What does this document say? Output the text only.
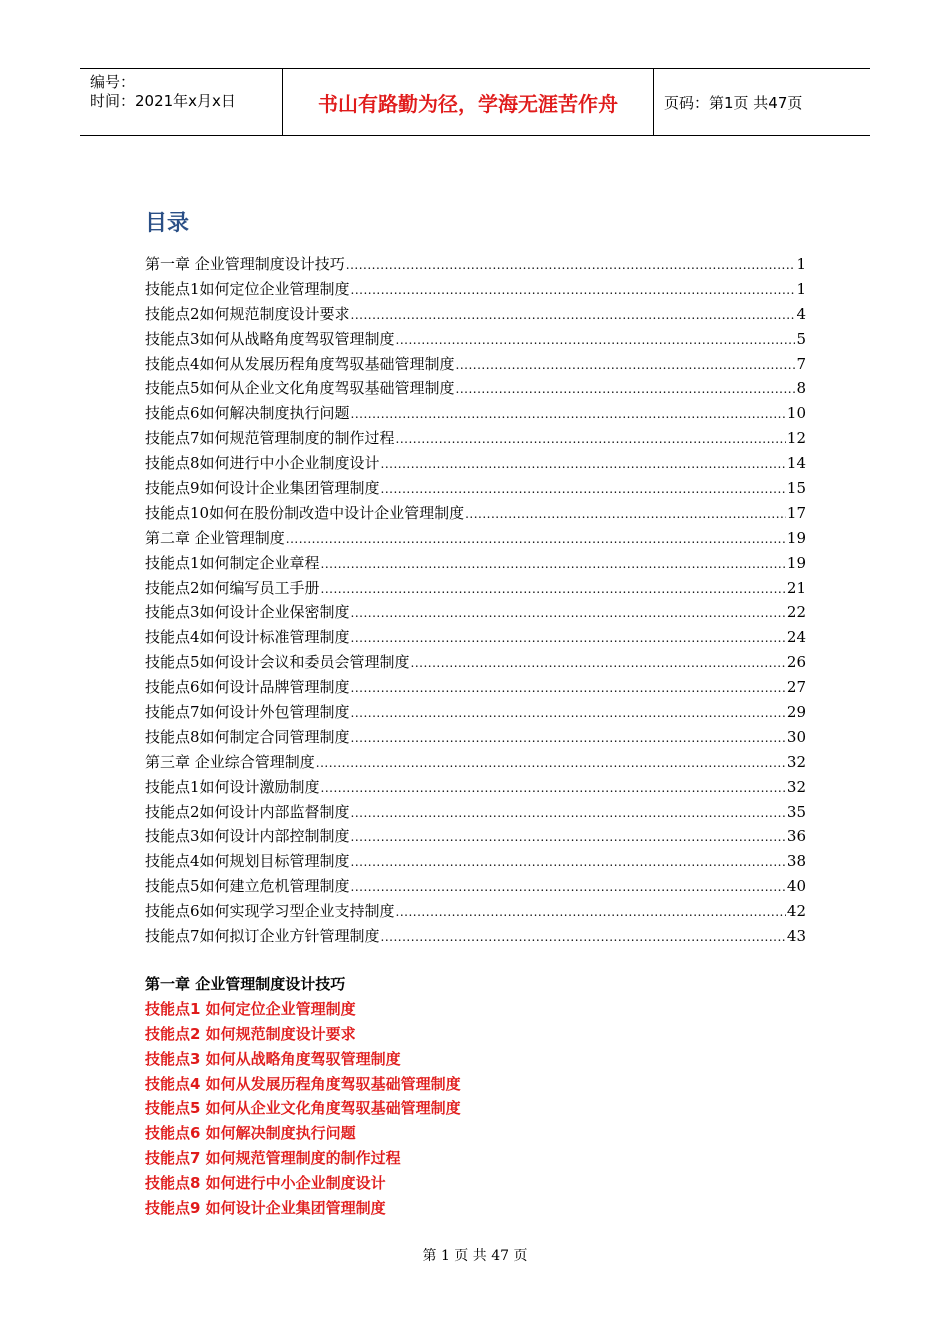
编号：
时间：2021年x月x日	书山有路勤为径，学海无涯苦作舟	页码：第1页 共47页
目录
第一章 企业管理制度设计技巧 .....	1
技能点1如何定位企业管理制度 .....	1
技能点2如何规范制度设计要求 .....	4
技能点3如何从战略角度驾驭管理制度 .....	5
技能点4如何从发展历程角度驾驭基础管理制度 .....	7
技能点5如何从企业文化角度驾驭基础管理制度 .....	8
技能点6如何解决制度执行问题 .....	10
技能点7如何规范管理制度的制作过程 .....	12
技能点8如何进行中小企业制度设计 .....	14
技能点9如何设计企业集团管理制度 .....	15
技能点10如何在股份制改造中设计企业管理制度 .....	17
第二章 企业管理制度 .....	19
技能点1如何制定企业章程 .....	19
技能点2如何编写员工手册 .....	21
技能点3如何设计企业保密制度 .....	22
技能点4如何设计标准管理制度 .....	24
技能点5如何设计会议和委员会管理制度 .....	26
技能点6如何设计品牌管理制度 .....	27
技能点7如何设计外包管理制度 .....	29
技能点8如何制定合同管理制度 .....	30
第三章 企业综合管理制度 .....	32
技能点1如何设计激励制度 .....	32
技能点2如何设计内部监督制度 .....	35
技能点3如何设计内部控制制度 .....	36
技能点4如何规划目标管理制度 .....	38
技能点5如何建立危机管理制度 .....	40
技能点6如何实现学习型企业支持制度 .....	42
技能点7如何拟订企业方针管理制度 .....	43
第一章 企业管理制度设计技巧
技能点1 如何定位企业管理制度
技能点2 如何规范制度设计要求
技能点3 如何从战略角度驾驭管理制度
技能点4 如何从发展历程角度驾驭基础管理制度
技能点5 如何从企业文化角度驾驭基础管理制度
技能点6 如何解决制度执行问题
技能点7 如何规范管理制度的制作过程
技能点8 如何进行中小企业制度设计
技能点9 如何设计企业集团管理制度
第 1 页 共 47 页
